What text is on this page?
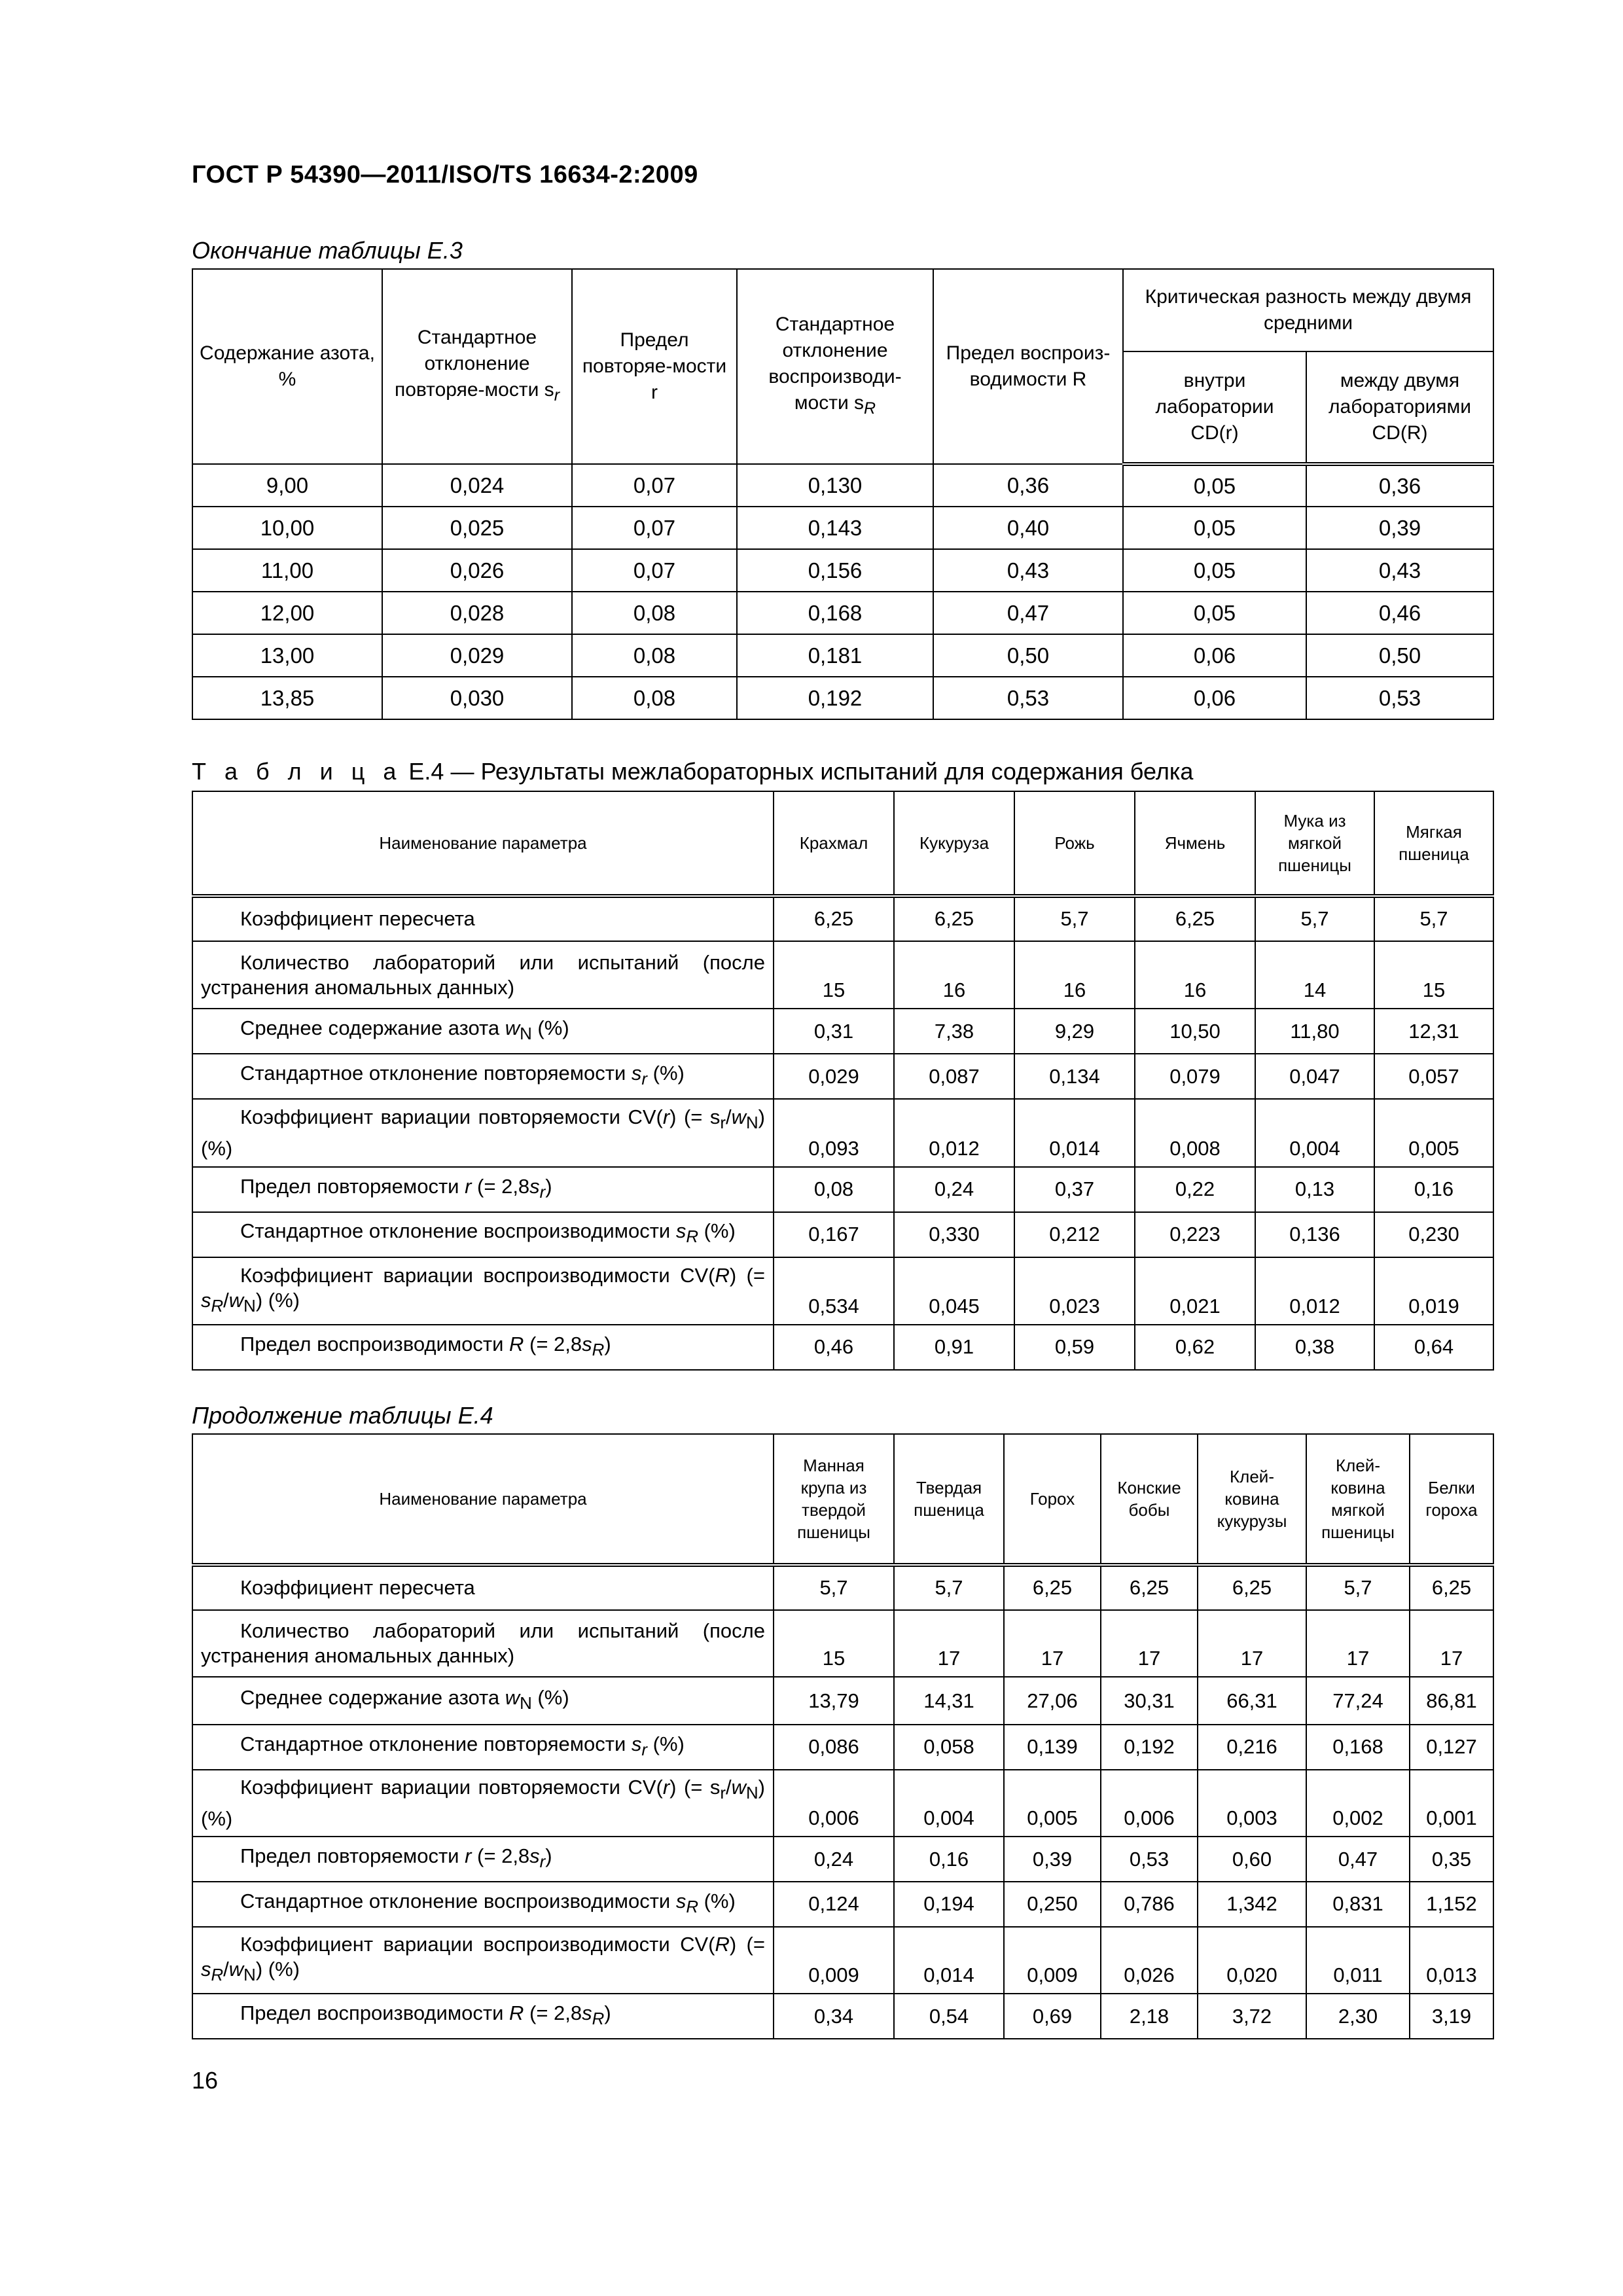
ГОСТ Р 54390—2011/ISO/TS 16634-2:2009
Окончание таблицы Е.3
Содержание азота, %	Стандартное отклонение повторяе-мости $s_r$	Предел повторяе-мости r	Стандартное отклонение воспроизводи-мости $s_R$	Предел воспроиз-водимости R	Критическая разность между двумя средними	
					внутри лаборатории CD(r)	между двумя лабораториями CD(R)
9,00	0,024	0,07	0,130	0,36	0,05	0,36
10,00	0,025	0,07	0,143	0,40	0,05	0,39
11,00	0,026	0,07	0,156	0,43	0,05	0,43
12,00	0,028	0,08	0,168	0,47	0,05	0,46
13,00	0,029	0,08	0,181	0,50	0,06	0,50
13,85	0,030	0,08	0,192	0,53	0,06	0,53
Т а б л и ц а Е.4 — Результаты межлабораторных испытаний для содержания белка
Наименование параметра	Крахмал	Кукуруза	Рожь	Ячмень	Мука из мягкой пшеницы	Мягкая пшеница
Коэффициент пересчета	6,25	6,25	5,7	6,25	5,7	5,7
Количество лабораторий или испытаний (после устранения аномальных данных)	15	16	16	16	14	15
Среднее содержание азота $w_N$ (%)	0,31	7,38	9,29	10,50	11,80	12,31
Стандартное отклонение повторяемости $s_r$ (%)	0,029	0,087	0,134	0,079	0,047	0,057
Коэффициент вариации повторяемости CV(r) (= $s_r/w_N$) (%)	0,093	0,012	0,014	0,008	0,004	0,005
Предел повторяемости r (= $2,8s_r$)	0,08	0,24	0,37	0,22	0,13	0,16
Стандартное отклонение воспроизводимости $s_R$ (%)	0,167	0,330	0,212	0,223	0,136	0,230
Коэффициент вариации воспроизводимости CV(R) (= $s_R/w_N$) (%)	0,534	0,045	0,023	0,021	0,012	0,019
Предел воспроизводимости R (= $2,8s_R$)	0,46	0,91	0,59	0,62	0,38	0,64
Продолжение таблицы Е.4
Наименование параметра	Манная крупа из твердой пшеницы	Твердая пшеница	Горох	Конские бобы	Клей-ковина кукурузы	Клей-ковина мягкой пшеницы	Белки гороха
Коэффициент пересчета	5,7	5,7	6,25	6,25	6,25	5,7	6,25
Количество лабораторий или испытаний (после устранения аномальных данных)	15	17	17	17	17	17	17
Среднее содержание азота $w_N$ (%)	13,79	14,31	27,06	30,31	66,31	77,24	86,81
Стандартное отклонение повторяемости $s_r$ (%)	0,086	0,058	0,139	0,192	0,216	0,168	0,127
Коэффициент вариации повторяемости CV(r) (= $s_r/w_N$) (%)	0,006	0,004	0,005	0,006	0,003	0,002	0,001
Предел повторяемости r (= $2,8s_r$)	0,24	0,16	0,39	0,53	0,60	0,47	0,35
Стандартное отклонение воспроизводимости $s_R$ (%)	0,124	0,194	0,250	0,786	1,342	0,831	1,152
Коэффициент вариации воспроизводимости CV(R) (= $s_R/w_N$) (%)	0,009	0,014	0,009	0,026	0,020	0,011	0,013
Предел воспроизводимости R (= $2,8s_R$)	0,34	0,54	0,69	2,18	3,72	2,30	3,19
16
